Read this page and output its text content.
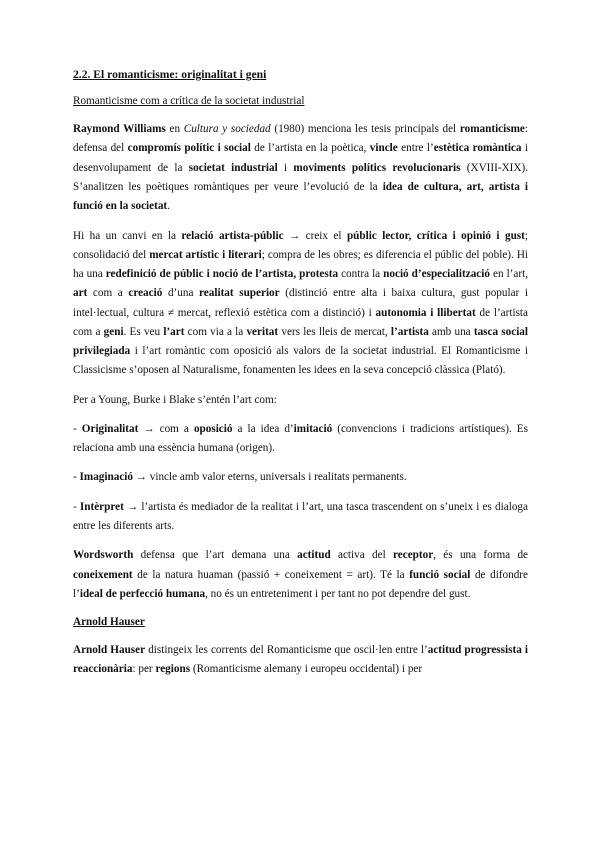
2.2. El romanticisme: originalitat i geni
Romanticisme com a crítica de la societat industrial

Raymond Williams en Cultura y sociedad (1980) menciona les tesis principals del romanticisme: defensa del compromís polític i social de l’artista en la poètica, vincle entre l’estètica romàntica i desenvolupament de la societat industrial i moviments polítics revolucionaris (XVIII-XIX). S’analitzen les poètiques romàntiques per veure l’evolució de la idea de cultura, art, artista i funció en la societat.

Hi ha un canvi en la relació artista-públic → creix el públic lector, crítica i opinió i gust; consolidació del mercat artístic i literari; compra de les obres; es diferencia el públic del poble). Hi ha una redefinició de públic i noció de l’artista, protesta contra la noció d’especialització en l’art, art com a creació d’una realitat superior (distinció entre alta i baixa cultura, gust popular i intel·lectual, cultura ≠ mercat, reflexió estètica com a distinció) i autonomia i llibertat de l’artista com a geni. Es veu l’art com via a la veritat vers les lleis de mercat, l’artista amb una tasca social privilegiada i l’art romàntic com oposició als valors de la societat industrial. El Romanticisme i Classicisme s’oposen al Naturalisme, fonamenten les idees en la seva concepció clàssica (Plató).

Per a Young, Burke i Blake s’entén l’art com:

- Originalitat → com a oposició a la idea d’imitació (convencions i tradicions artístiques). Es relaciona amb una essència humana (origen).

- Imaginació → vincle amb valor eterns, universals i realitats permanents.

- Intèrpret → l’artista és mediador de la realitat i l’art, una tasca trascendent on s’uneix i es dialoga entre les diferents arts.

Wordsworth defensa que l’art demana una actitud activa del receptor, és una forma de coneixement de la natura huaman (passió + coneixement = art). Té la funció social de difondre l’ideal de perfecció humana, no és un entreteniment i per tant no pot dependre del gust.

Arnold Hauser

Arnold Hauser distingeix les corrents del Romanticisme que oscil·len entre l’actitud progressista i reaccionària: per regions (Romanticisme alemany i europeu occidental) i per
